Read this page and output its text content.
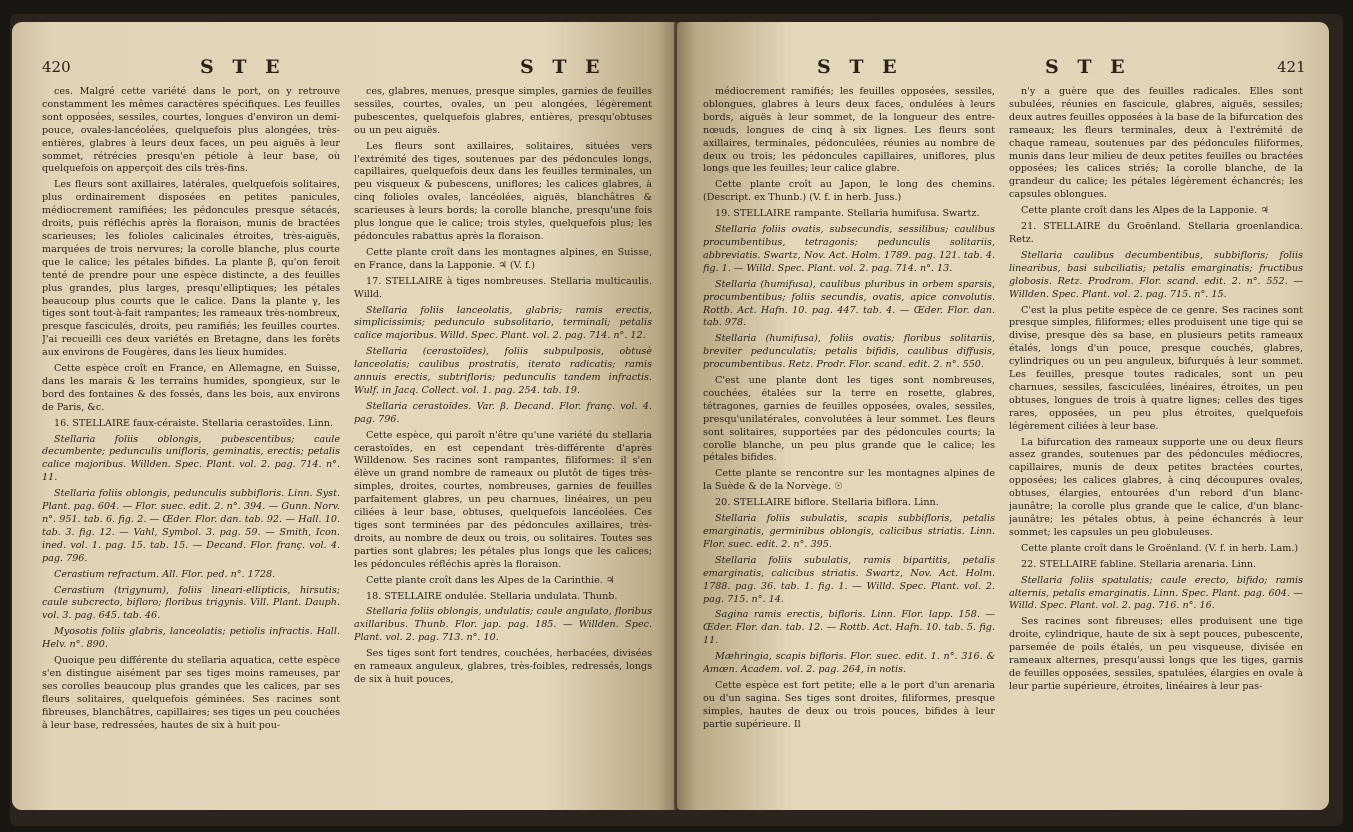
420	S T E	S T E

ces. Malgré cette variété dans le port, on y retrouve constamment les mêmes caractères spécifiques. Les feuilles sont opposées, sessiles, courtes, longues d'environ un demi-pouce, ovales-lancéolées, quelquefois plus alongées, très-entières, glabres à leurs deux faces, un peu aiguës à leur sommet, rétrécies presqu'en pétiole à leur base, où quelquefois on apperçoit des cils très-fins.

Les fleurs sont axillaires, latérales, quelquefois solitaires, plus ordinairement disposées en petites panicules, médiocrement ramifiées; les pédoncules presque sétacés, droits, puis réfléchis après la floraison, munis de bractées scarieuses; les folioles calicinales étroites, très-aiguës, marquées de trois nervures; la corolle blanche, plus courte que le calice; les pétales bifides. La plante β, qu'on feroit tenté de prendre pour une espèce distincte, a des feuilles plus grandes, plus larges, presqu'elliptiques; les pétales beaucoup plus courts que le calice. Dans la plante γ, les tiges sont tout-à-fait rampantes; les rameaux très-nombreux, presque fasciculés, droits, peu ramifiés; les feuilles courtes. J'ai recueilli ces deux variétés en Bretagne, dans les forêts aux environs de Fougères, dans les lieux humides.

Cette espèce croît en France, en Allemagne, en Suisse, dans les marais & les terrains humides, spongieux, sur le bord des fontaines & des fossés, dans les bois, aux environs de Paris, &c.

16. STELLAIRE faux-céraiste. Stellaria cerastoïdes. Linn.

Stellaria foliis oblongis, pubescentibus; caule decumbente; pedunculis unifloris, geminatis, erectis; petalis calice majoribus. Willden. Spec. Plant. vol. 2. pag. 714. n°. 11.

Stellaria foliis oblongis, pedunculis subbifloris. Linn. Syst. Plant. pag. 604. — Flor. suec. edit. 2. n°. 394. — Gunn. Norv. n°. 951. tab. 6. fig. 2. — Œder. Flor. dan. tab. 92. — Hall. 10. tab. 3. fig. 12. — Vahl, Symbol. 3. pag. 59. — Smith, Icon. ined. vol. 1. pag. 15. tab. 15. — Decand. Flor. franç. vol. 4. pag. 796.

Cerastium refractum. All. Flor. ped. n°. 1728.

Cerastium (trigynum), foliis lineari-ellipticis, hirsutis; caule subcrecto, bifloro; floribus trigynis. Vill. Plant. Dauph. vol. 3. pag. 645. tab. 46.

Myosotis foliis glabris, lanceolatis; petiolis infractis. Hall. Helv. n°. 890.

Quoique peu différente du stellaria aquatica, cette espèce s'en distingue aisément par ses tiges moins rameuses, par ses corolles beaucoup plus grandes que les calices, par ses fleurs solitaires, quelquefois géminées. Ses racines sont fibreuses, blanchâtres, capillaires; ses tiges un peu couchées à leur base, redressées, hautes de six à huit pou-

ces, glabres, menues, presque simples, garnies de feuilles sessiles, courtes, ovales, un peu alongées, légèrement pubescentes, quelquefois glabres, entières, presqu'obtuses ou un peu aiguës.

Les fleurs sont axillaires, solitaires, situées vers l'extrémité des tiges, soutenues par des pédoncules longs, capillaires, quelquefois deux dans les feuilles terminales, un peu visqueux & pubescens, uniflores; les calices glabres, à cinq folioles ovales, lancéolées, aiguës, blanchâtres & scarieuses à leurs bords; la corolle blanche, presqu'une fois plus longue que le calice; trois styles, quelquefois plus; les pédoncules rabattus après la floraison.

Cette plante croît dans les montagnes alpines, en Suisse, en France, dans la Lapponie. ♃ (V. f.)

17. STELLAIRE à tiges nombreuses. Stellaria multicaulis. Willd.

Stellaria foliis lanceolatis, glabris; ramis erectis, simplicissimis; pedunculo subsolitario, terminali; petalis calice majoribus. Willd. Spec. Plant. vol. 2. pag. 714. n°. 12.

Stellaria (cerastoïdes), foliis subpulposis, obtusè lanceolatis; caulibus prostratis, iterato radicatis; ramis annuis erectis, subtrifloris; pedunculis tandem infractis. Wulf. in Jacq. Collect. vol. 1. pag. 254. tab. 19.

Stellaria cerastoïdes. Var. β. Decand. Flor. franç. vol. 4. pag. 796.

Cette espèce, qui paroît n'être qu'une variété du stellaria cerastoïdes, en est cependant très-différente d'après Willdenow. Ses racines sont rampantes, filiformes: il s'en élève un grand nombre de rameaux ou plutôt de tiges très-simples, droites, courtes, nombreuses, garnies de feuilles parfaitement glabres, un peu charnues, linéaires, un peu ciliées à leur base, obtuses, quelquefois lancéolées. Ces tiges sont terminées par des pédoncules axillaires, très-droits, au nombre de deux ou trois, ou solitaires. Toutes ses parties sont glabres; les pétales plus longs que les calices; les pédoncules réfléchis après la floraison.

Cette plante croît dans les Alpes de la Carinthie. ♃

18. STELLAIRE ondulée. Stellaria undulata. Thunb.

Stellaria foliis oblongis, undulatis; caule angulato, floribus axillaribus. Thunb. Flor. jap. pag. 185. — Willden. Spec. Plant. vol. 2. pag. 713. n°. 10.

Ses tiges sont fort tendres, couchées, herbacées, divisées en rameaux anguleux, glabres, très-foibles, redressés, longs de six à huit pouces,

S T E	S T E	421

médiocrement ramifiés; les feuilles opposées, sessiles, oblongues, glabres à leurs deux faces, ondulées à leurs bords, aiguës à leur sommet, de la longueur des entre-nœuds, longues de cinq à six lignes. Les fleurs sont axillaires, terminales, pédonculées, réunies au nombre de deux ou trois; les pédoncules capillaires, uniflores, plus longs que les feuilles; leur calice glabre.

Cette plante croît au Japon, le long des chemins. (Descript. ex Thunb.) (V. f. in herb. Juss.)

19. STELLAIRE rampante. Stellaria humifusa. Swartz.

Stellaria foliis ovatis, subsecundis, sessilibus; caulibus procumbentibus, tetragonis; pedunculis solitariis, abbreviatis. Swartz, Nov. Act. Holm. 1789. pag. 121. tab. 4. fig. 1. — Willd. Spec. Plant. vol. 2. pag. 714. n°. 13.

Stellaria (humifusa), caulibus pluribus in orbem sparsis, procumbentibus; foliis secundis, ovatis, apice convolutis. Rottb. Act. Hafn. 10. pag. 447. tab. 4. — Œder. Flor. dan. tab. 978.

Stellaria (humifusa), foliis ovatis; floribus solitariis, breviter pedunculatis; petalis bifidis, caulibus diffusis, procumbentibus. Retz. Prodr. Flor. scand. edit. 2. n°. 550.

C'est une plante dont les tiges sont nombreuses, couchées, étalées sur la terre en rosette, glabres, tétragones, garnies de feuilles opposées, ovales, sessiles, presqu'unilatérales, convolutées à leur sommet. Les fleurs sont solitaires, supportées par des pédoncules courts; la corolle blanche, un peu plus grande que le calice; les pétales bifides.

Cette plante se rencontre sur les montagnes alpines de la Suède & de la Norvège. ☉

20. STELLAIRE biflore. Stellaria biflora. Linn.

Stellaria foliis subulatis, scapis subbifloris, petalis emarginatis, germinibus oblongis, calicibus striatis. Linn. Flor. suec. edit. 2. n°. 395.

Stellaria foliis subulatis, ramis bipartitis, petalis emarginatis, calicibus striatis. Swartz, Nov. Act. Holm. 1788. pag. 36. tab. 1. fig. 1. — Willd. Spec. Plant. vol. 2. pag. 715. n°. 14.

Sagina ramis erectis, bifloris. Linn. Flor. lapp. 158. — Œder. Flor. dan. tab. 12. — Rottb. Act. Hafn. 10. tab. 5. fig. 11.

Mæhringia, scapis bifloris. Flor. suec. edit. 1. n°. 316. & Amœn. Academ. vol. 2. pag. 264, in notis.

Cette espèce est fort petite; elle a le port d'un arenaria ou d'un sagina. Ses tiges sont droites, filiformes, presque simples, hautes de deux ou trois pouces, bifides à leur partie supérieure. Il

n'y a guère que des feuilles radicales. Elles sont subulées, réunies en fascicule, glabres, aiguës, sessiles; deux autres feuilles opposées à la base de la bifurcation des rameaux; les fleurs terminales, deux à l'extrémité de chaque rameau, soutenues par des pédoncules filiformes, munis dans leur milieu de deux petites feuilles ou bractées opposées; les calices striés; la corolle blanche, de la grandeur du calice; les pétales légèrement échancrés; les capsules oblongues.

Cette plante croît dans les Alpes de la Lapponie. ♃

21. STELLAIRE du Groënland. Stellaria groenlandica. Retz.

Stellaria caulibus decumbentibus, subbifloris; foliis linearibus, basi subciliatis; petalis emarginatis; fructibus globosis. Retz. Prodrom. Flor. scand. edit. 2. n°. 552. — Willden. Spec. Plant. vol. 2. pag. 715. n°. 15.

C'est la plus petite espèce de ce genre. Ses racines sont presque simples, filiformes; elles produisent une tige qui se divise, presque dès sa base, en plusieurs petits rameaux étalés, longs d'un pouce, presque couchés, glabres, cylindriques ou un peu anguleux, bifurqués à leur sommet. Les feuilles, presque toutes radicales, sont un peu charnues, sessiles, fasciculées, linéaires, étroites, un peu obtuses, longues de trois à quatre lignes; celles des tiges rares, opposées, un peu plus étroites, quelquefois légèrement ciliées à leur base.

La bifurcation des rameaux supporte une ou deux fleurs assez grandes, soutenues par des pédoncules médiocres, capillaires, munis de deux petites bractées courtes, opposées; les calices glabres, à cinq découpures ovales, obtuses, élargies, entourées d'un rebord d'un blanc-jaunâtre; la corolle plus grande que le calice, d'un blanc-jaunâtre; les pétales obtus, à peine échancrés à leur sommet; les capsules un peu globuleuses.

Cette plante croît dans le Groënland. (V. f. in herb. Lam.)

22. STELLAIRE fabline. Stellaria arenaria. Linn.

Stellaria foliis spatulatis; caule erecto, bifido; ramis alternis, petalis emarginatis. Linn. Spec. Plant. pag. 604. — Willd. Spec. Plant. vol. 2. pag. 716. n°. 16.

Ses racines sont fibreuses; elles produisent une tige droite, cylindrique, haute de six à sept pouces, pubescente, parsemée de poils étalés, un peu visqueuse, divisée en rameaux alternes, presqu'aussi longs que les tiges, garnis de feuilles opposées, sessiles, spatulées, élargies en ovale à leur partie supérieure, étroites, linéaires à leur pas-
